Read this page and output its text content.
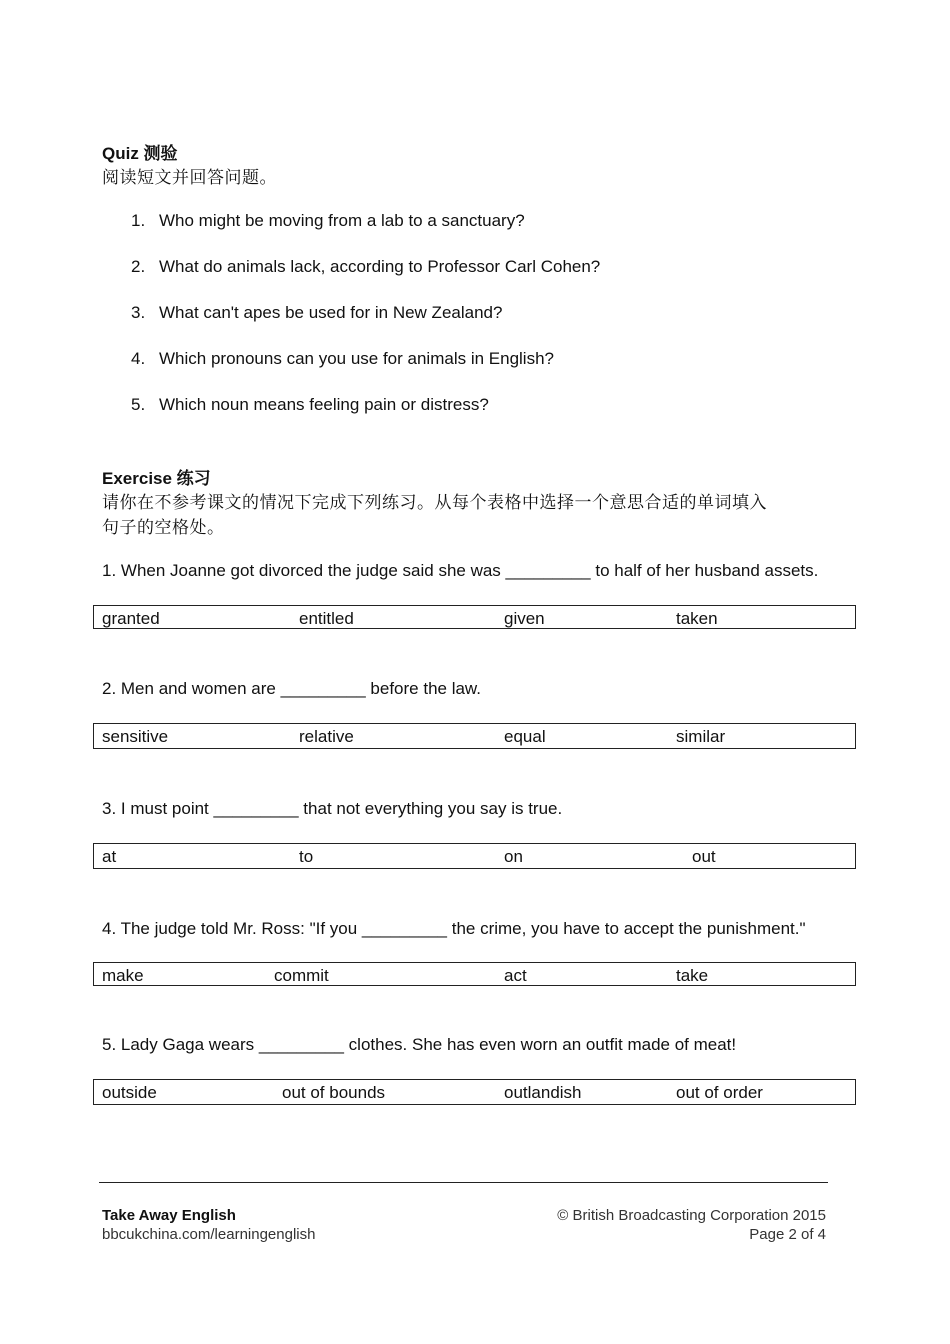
Quiz 测验
阅读短文并回答问题。
1. Who might be moving from a lab to a sanctuary?
2. What do animals lack, according to Professor Carl Cohen?
3. What can't apes be used for in New Zealand?
4. Which pronouns can you use for animals in English?
5. Which noun means feeling pain or distress?
Exercise 练习
请你在不参考课文的情况下完成下列练习。从每个表格中选择一个意思合适的单词填入
句子的空格处。
1. When Joanne got divorced the judge said she was _________ to half of her husband assets.
granted	entitled	given	taken
2. Men and women are _________ before the law.
sensitive	relative	equal	similar
3. I must point _________ that not everything you say is true.
at	to	on	out
4. The judge told Mr. Ross: "If you _________ the crime, you have to accept the punishment."
make	commit	act	take
5. Lady Gaga wears _________ clothes. She has even worn an outfit made of meat!
outside	out of bounds	outlandish	out of order
Take Away English
bbcukchina.com/learningenglish
© British Broadcasting Corporation 2015
Page 2 of 4
